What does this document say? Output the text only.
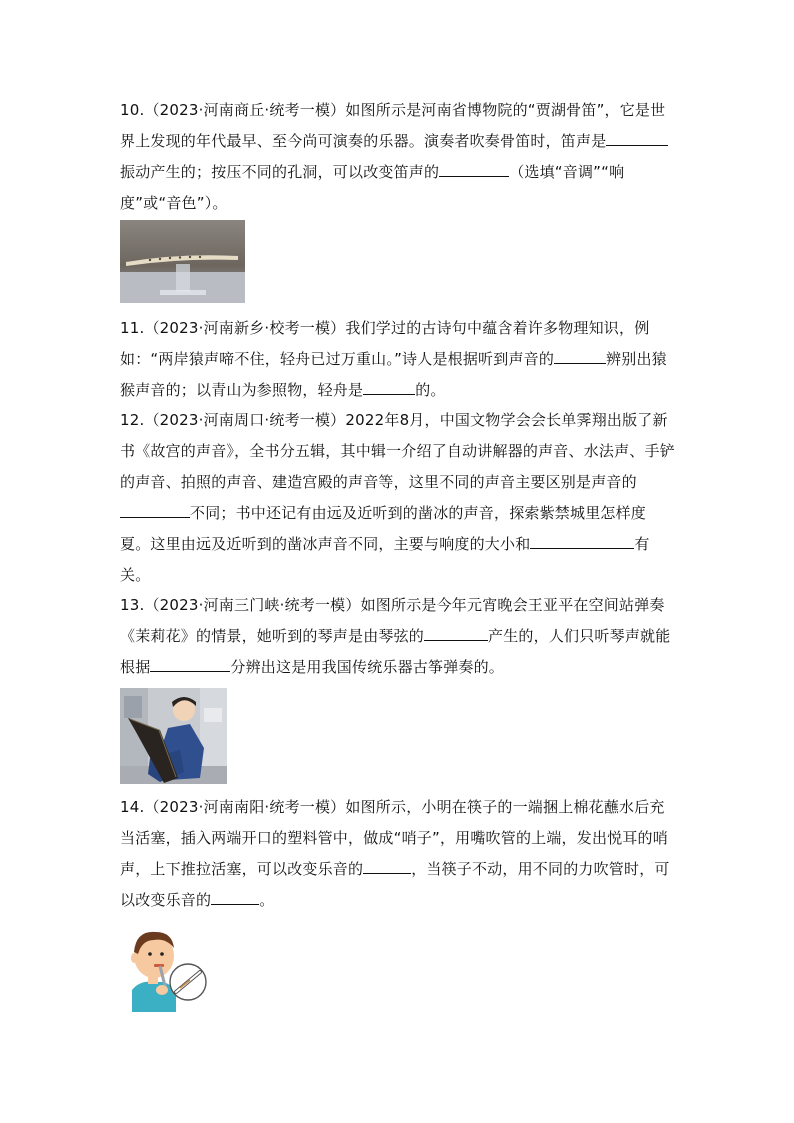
10.（2023·河南商丘·统考一模）如图所示是河南省博物院的“贾湖骨笛”，它是世界上发现的年代最早、至今尚可演奏的乐器。演奏者吹奏骨笛时，笛声是振动产生的；按压不同的孔洞，可以改变笛声的	（选填“音调”“响度”或“音色”）。
11.（2023·河南新乡·校考一模）我们学过的古诗句中蕴含着许多物理知识，例如：“两岸猿声啼不住，轻舟已过万重山。”诗人是根据听到声音的	辨别出猿猴声音的；以青山为参照物，轻舟是	的。
12.（2023·河南周口·统考一模）2022年8月，中国文物学会会长单霁翔出版了新书《故宫的声音》，全书分五辑，其中辑一介绍了自动讲解器的声音、水法声、手铲的声音、拍照的声音、建造宫殿的声音等，这里不同的声音主要区别是声音的不同；书中还记有由远及近听到的凿冰的声音，探索紫禁城里怎样度夏。这里由远及近听到的凿冰声音不同，主要与响度的大小和	有关。
13.（2023·河南三门峡·统考一模）如图所示是今年元宵晚会王亚平在空间站弹奏《茉莉花》的情景，她听到的琴声是由琴弦的	产生的，人们只听琴声就能根据	分辨出这是用我国传统乐器古筝弹奏的。
14.（2023·河南南阳·统考一模）如图所示，小明在筷子的一端捆上棉花蘸水后充当活塞，插入两端开口的塑料管中，做成“哨子”，用嘴吹管的上端，发出悦耳的哨声，上下推拉活塞，可以改变乐音的	，当筷子不动，用不同的力吹管时，可以改变乐音的	。
